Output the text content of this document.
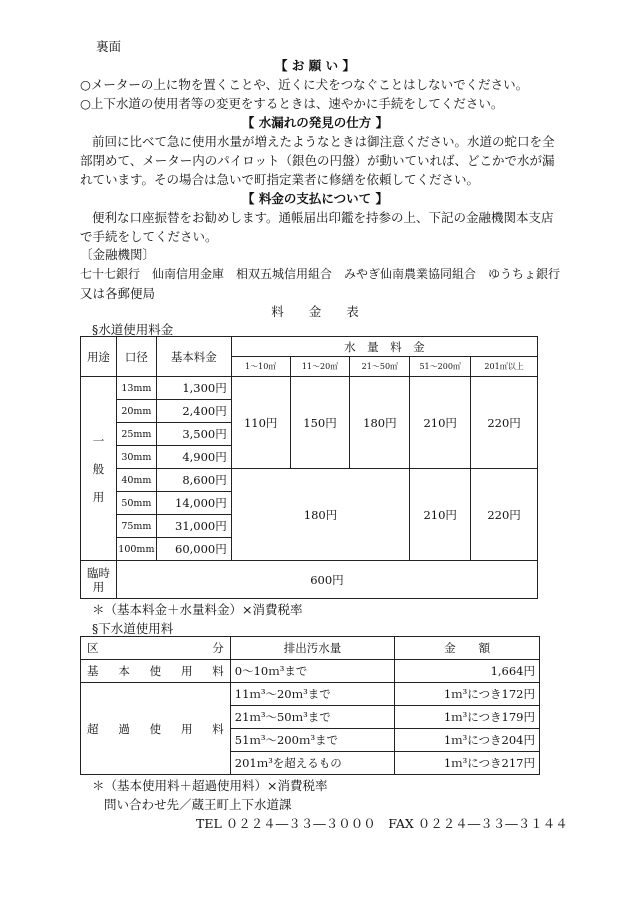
裏面
【 お 願 い 】
○メーターの上に物を置くことや、近くに犬をつなぐことはしないでください。
○上下水道の使用者等の変更をするときは、速やかに手続をしてください。
【 水漏れの発見の仕方 】

前回に比べて急に使用水量が増えたようなときは御注意ください。水道の蛇口を全部閉めて、メーター内のパイロット（銀色の円盤）が動いていれば、どこかで水が漏れています。その場合は急いで町指定業者に修繕を依頼してください。

【 料金の支払について 】

便利な口座振替をお勧めします。通帳届出印鑑を持参の上、下記の金融機関本支店で手続をしてください。

〔金融機関〕
七十七銀行　仙南信用金庫　相双五城信用組合　みやぎ仙南農業協同組合　ゆうちょ銀行
又は各郵便局
料　　金　　表
§水道使用料金
用途	口径	基本料金	水　量　料　金				
			1～10㎥	11～20㎥	21～50㎥	51～200㎥	201㎥以上
一
般
用	13mm	1,300円	110円	150円	180円	210円	220円
	20mm	2,400円					
	25mm	3,500円					
	30mm	4,900円					
	40mm	8,600円	180円			210円	220円
	50mm	14,000円					
	75mm	31,000円					
	100mm	60,000円					
臨時
用	600円						
＊（基本料金＋水量料金）×消費税率
§下水道使用料
区 分	排出汚水量	金　　額

基 本 使 用 料	0～10ｍ³まで	1,664円

超 過 使 用 料	11ｍ³～20ｍ³まで	1ｍ³につき172円
	21ｍ³～50ｍ³まで	1ｍ³につき179円
	51ｍ³～200ｍ³まで	1ｍ³につき204円
	201ｍ³を超えるもの	1ｍ³につき217円
＊（基本使用料＋超過使用料）×消費税率
問い合わせ先／蔵王町上下水道課
TEL ０２２４―３３―３０００　FAX ０２２４―３３―３１４４
